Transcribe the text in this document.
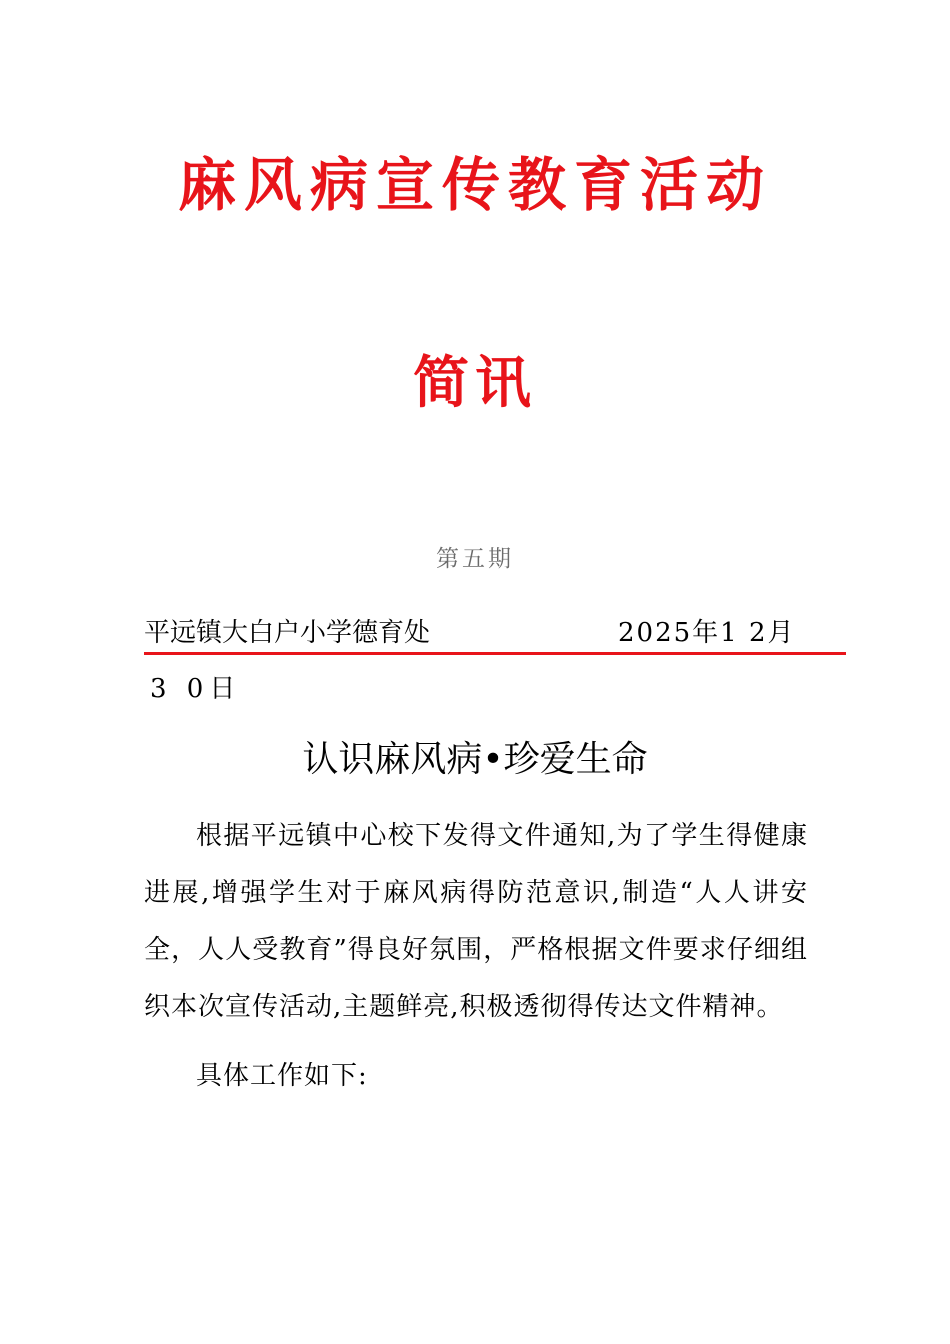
麻风病宣传教育活动
简讯
第五期
平远镇大白户小学德育处	2025年1 2月
3 0日
认识麻风病•珍爱生命

根据平远镇中心校下发得文件通知,为了学生得健康进展,增强学生对于麻风病得防范意识,制造“人人讲安全，人人受教育”得良好氛围，严格根据文件要求仔细组织本次宣传活动,主题鲜亮,积极透彻得传达文件精神。

具体工作如下:
